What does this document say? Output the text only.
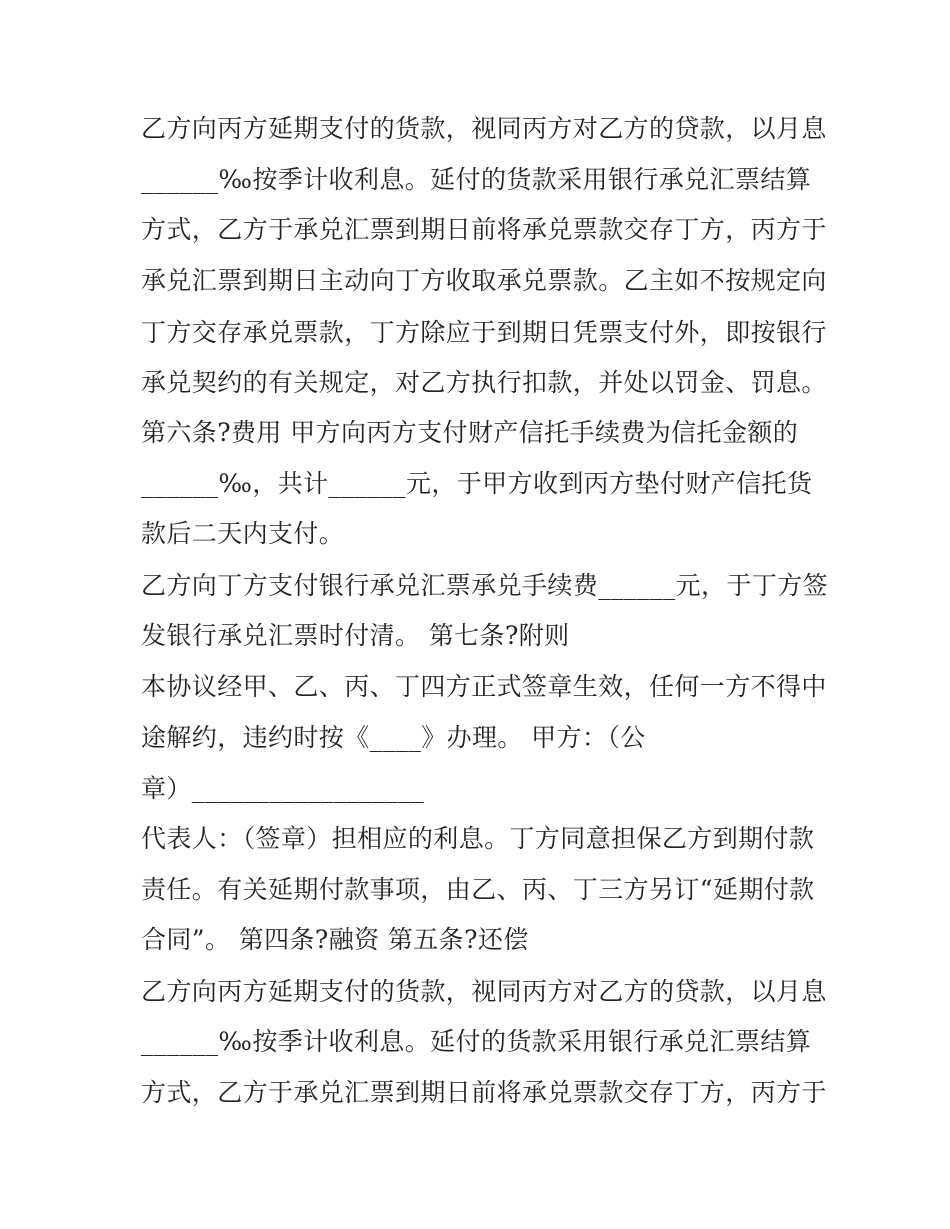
乙方向丙方延期支付的货款，视同丙方对乙方的贷款，以月息
______‰按季计收利息。延付的货款采用银行承兑汇票结算
方式，乙方于承兑汇票到期日前将承兑票款交存丁方，丙方于
承兑汇票到期日主动向丁方收取承兑票款。乙主如不按规定向
丁方交存承兑票款，丁方除应于到期日凭票支付外，即按银行
承兑契约的有关规定，对乙方执行扣款，并处以罚金、罚息。
第六条?费用 甲方向丙方支付财产信托手续费为信托金额的
______‰，共计______元，于甲方收到丙方垫付财产信托货
款后二天内支付。
乙方向丁方支付银行承兑汇票承兑手续费______元，于丁方签
发银行承兑汇票时付清。 第七条?附则
本协议经甲、乙、丙、丁四方正式签章生效，任何一方不得中
途解约，违约时按《____》办理。 甲方：（公
章）__________________
代表人：（签章）担相应的利息。丁方同意担保乙方到期付款
责任。有关延期付款事项，由乙、丙、丁三方另订“延期付款
合同”。 第四条?融资 第五条?还偿
乙方向丙方延期支付的货款，视同丙方对乙方的贷款，以月息
______‰按季计收利息。延付的货款采用银行承兑汇票结算
方式，乙方于承兑汇票到期日前将承兑票款交存丁方，丙方于
